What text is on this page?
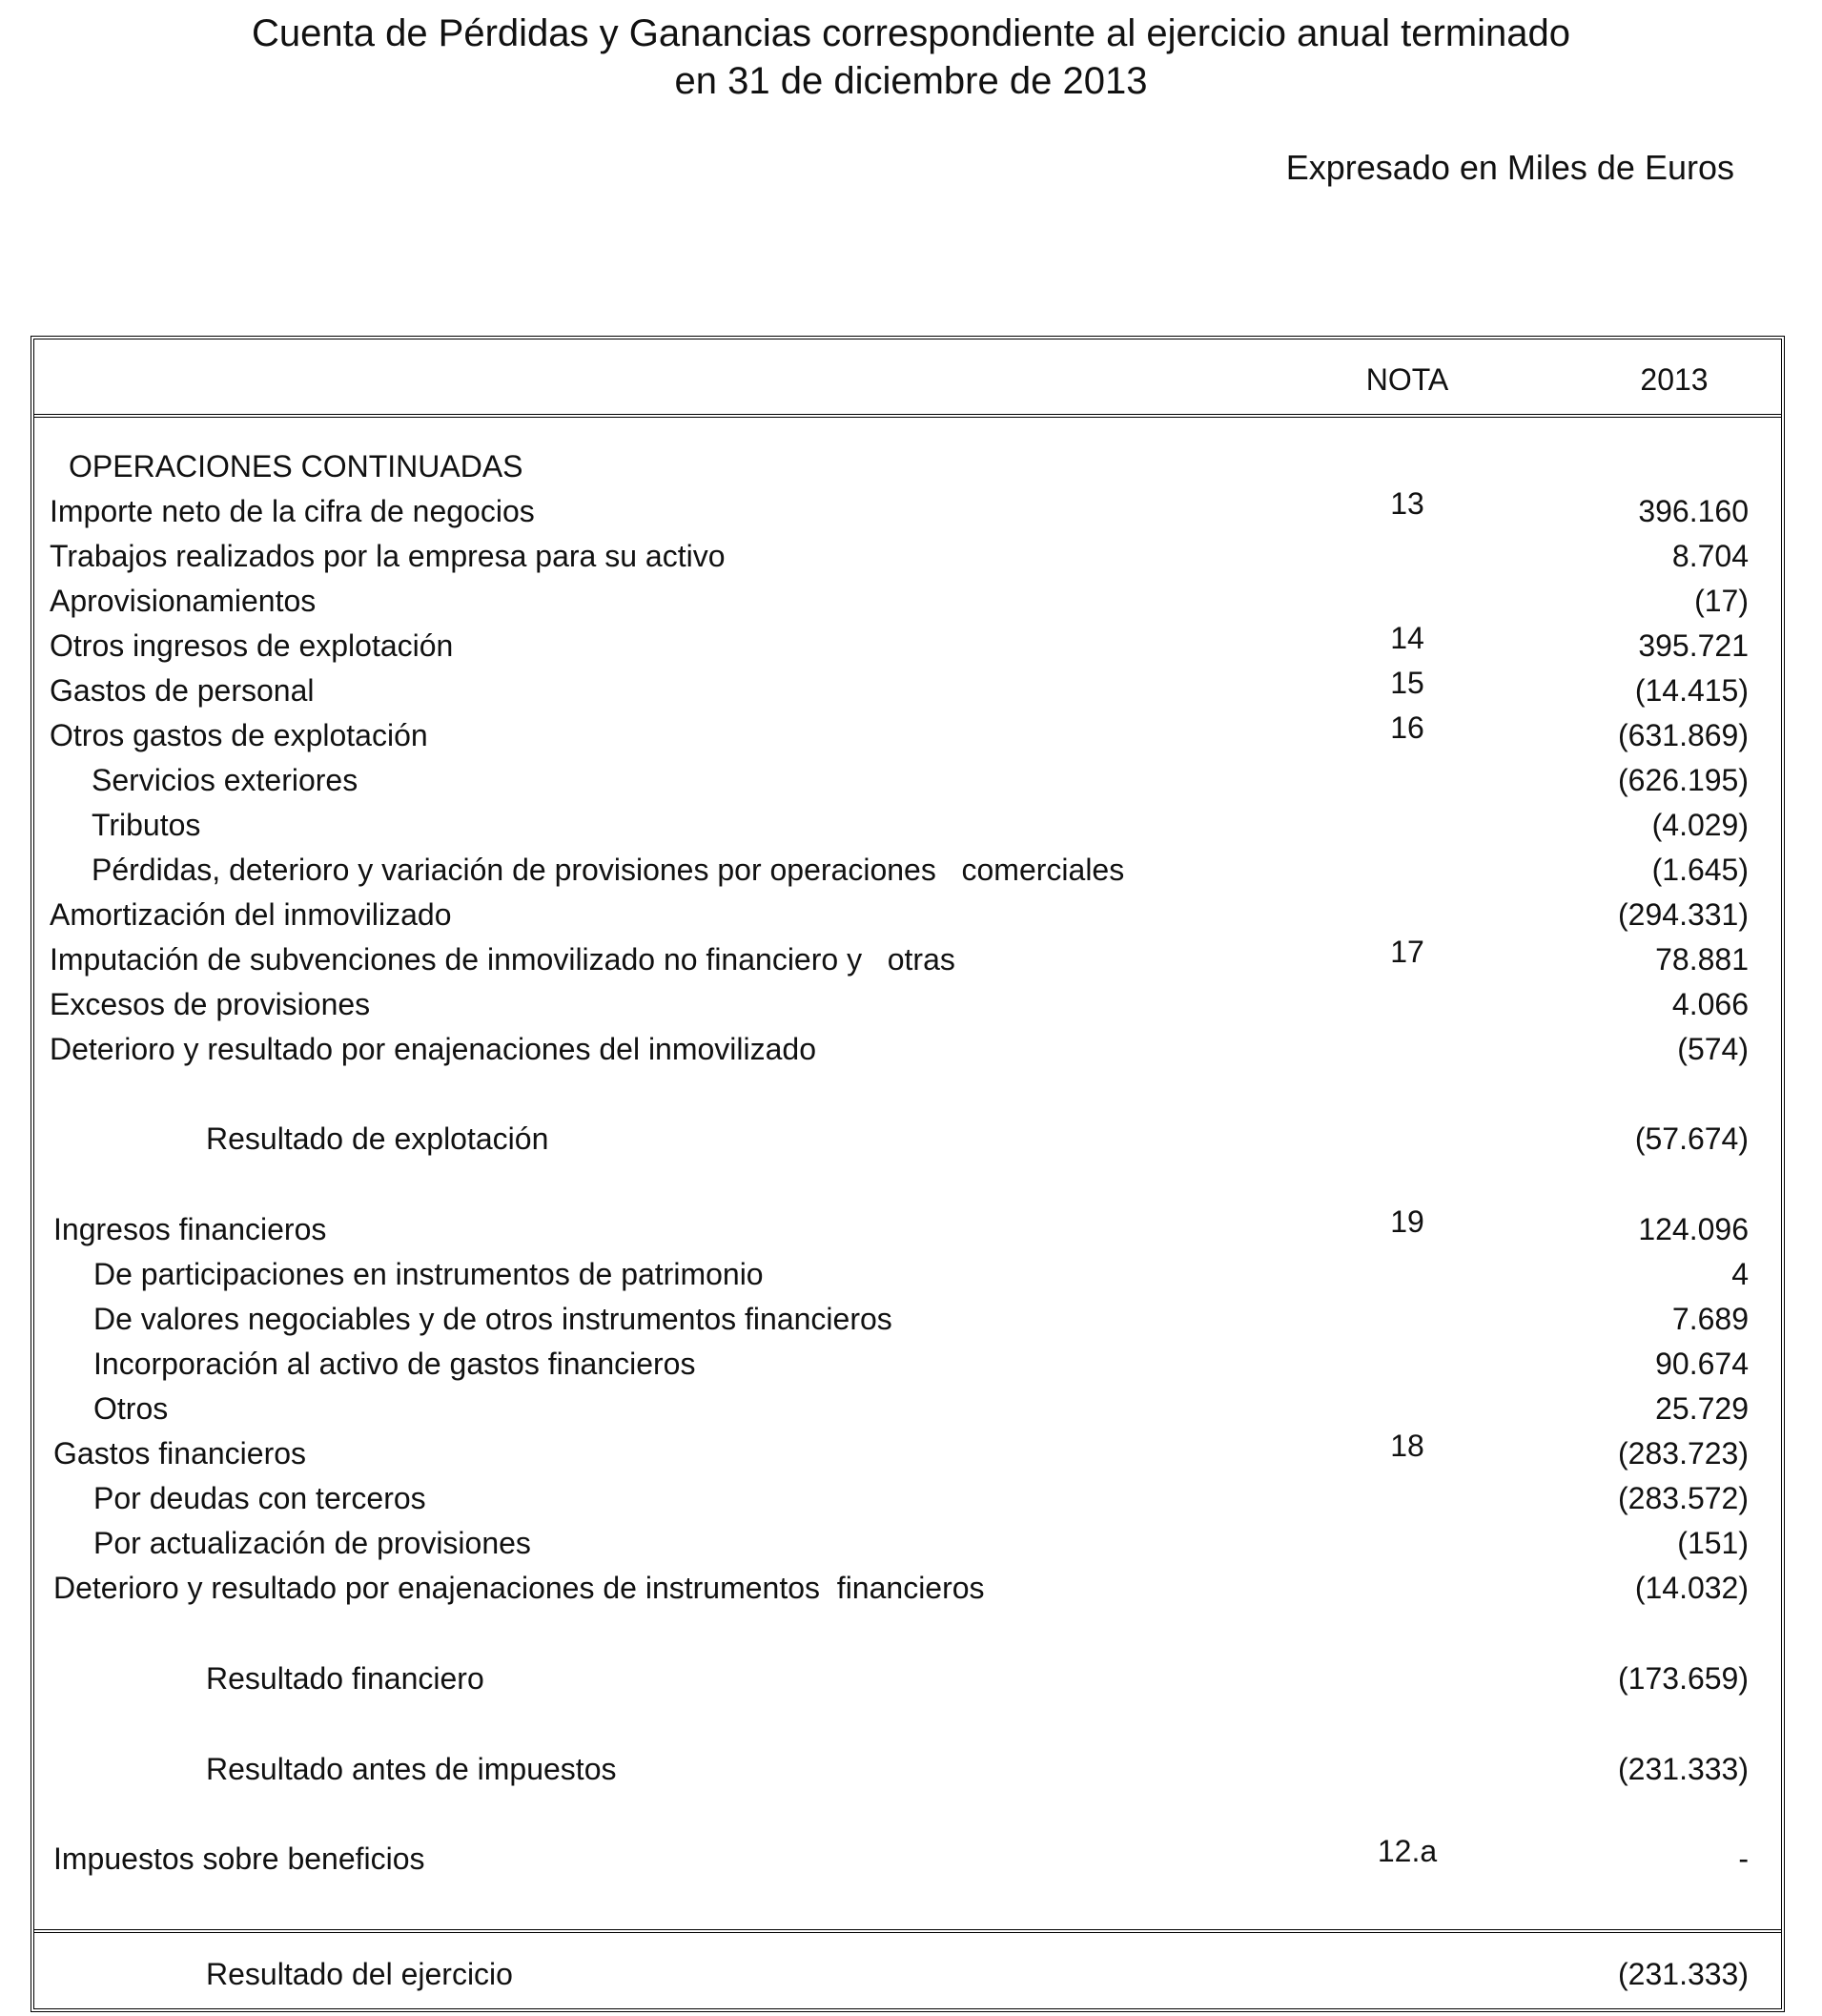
Cuenta de Pérdidas y Ganancias correspondiente al ejercicio anual terminado
en 31 de diciembre de 2013
Expresado en Miles de Euros
NOTA	2013
OPERACIONES CONTINUADAS
Importe neto de la cifra de negocios	13	396.160
Trabajos realizados por la empresa para su activo	8.704
Aprovisionamientos	(17)
Otros ingresos de explotación	14	395.721
Gastos de personal	15	(14.415)
Otros gastos de explotación	16	(631.869)
Servicios exteriores	(626.195)
Tributos	(4.029)
Pérdidas, deterioro y variación de provisiones por operaciones   comerciales	(1.645)
Amortización del inmovilizado	(294.331)
Imputación de subvenciones de inmovilizado no financiero y   otras	17	78.881
Excesos de provisiones	4.066
Deterioro y resultado por enajenaciones del inmovilizado	(574)
Resultado de explotación	(57.674)
Ingresos financieros	19	124.096
De participaciones en instrumentos de patrimonio	4
De valores negociables y de otros instrumentos financieros	7.689
Incorporación al activo de gastos financieros	90.674
Otros	25.729
Gastos financieros	18	(283.723)
Por deudas con terceros	(283.572)
Por actualización de provisiones	(151)
Deterioro y resultado por enajenaciones de instrumentos  financieros	(14.032)
Resultado financiero	(173.659)
Resultado antes de impuestos	(231.333)
Impuestos sobre beneficios	12.a	-
Resultado del ejercicio	(231.333)
